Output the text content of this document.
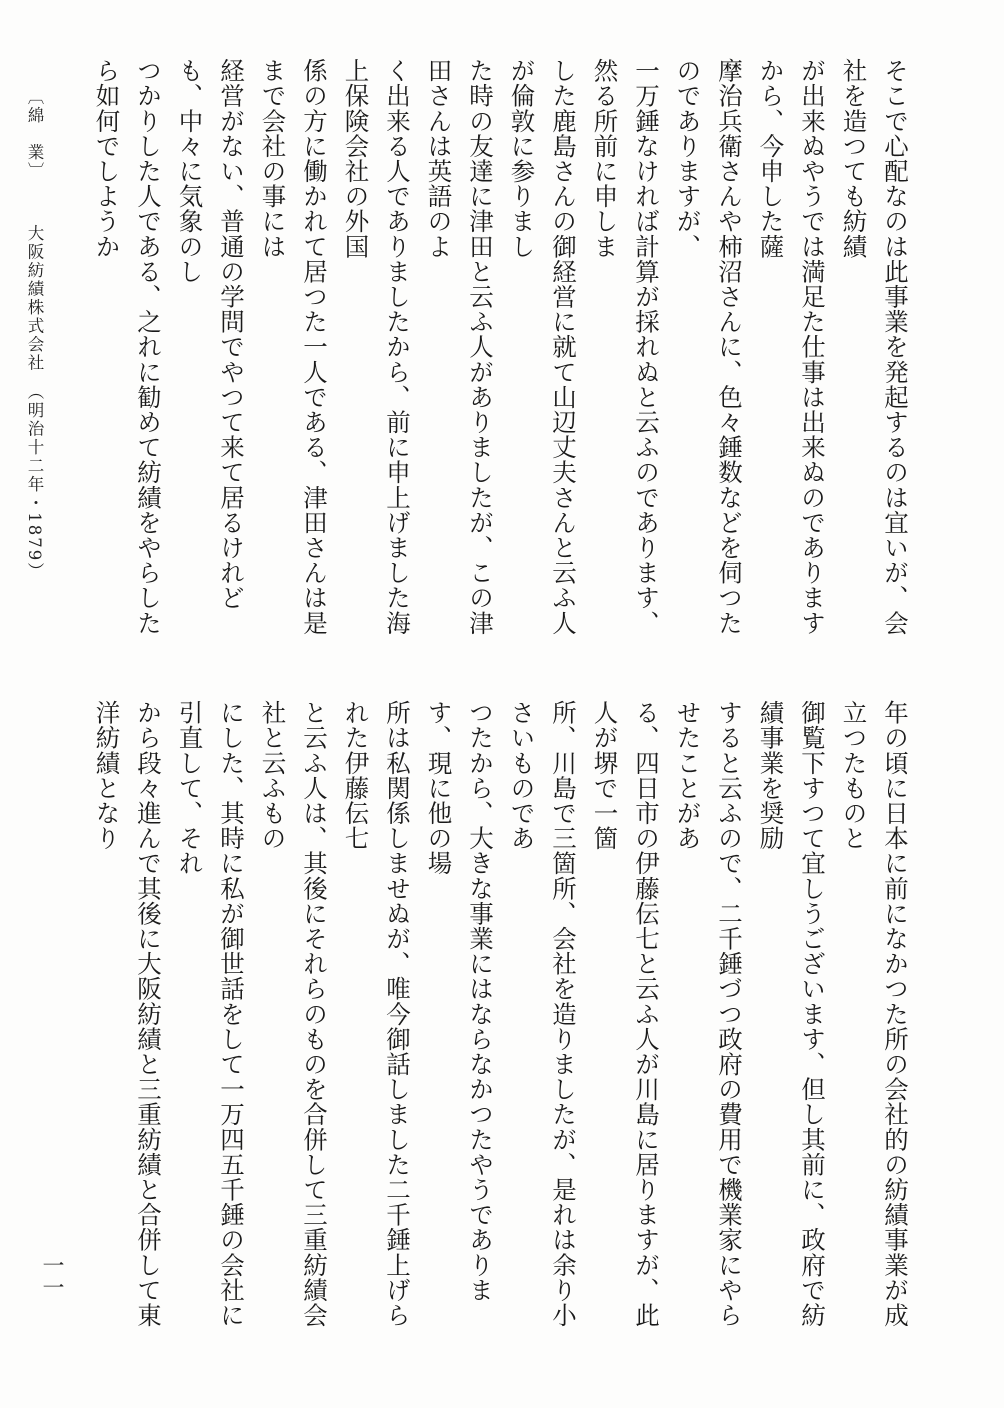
〔綿　業〕大阪紡績株式会社　（明治十二年・1879）	そこで心配なのは此事業を発起するのは宜いが、会社を造つても紡績

が出来ぬやうでは満足た仕事は出来ぬのでありますから、今申した薩

摩治兵衛さんや柿沼さんに、色々錘数などを伺つたのでありますが、

一万錘なければ計算が採れぬと云ふのであります、然る所前に申しま

した鹿島さんの御経営に就て山辺丈夫さんと云ふ人が倫敦に参りまし

た時の友達に津田と云ふ人がありましたが、この津田さんは英語のよ

く出来る人でありましたから、前に申上げました海上保険会社の外国

係の方に働かれて居つた一人である、津田さんは是まで会社の事には

経営がない、普通の学問でやつて来て居るけれども、中々に気象のし

つかりした人である、之れに勧めて紡績をやらしたら如何でしようか

年の頃に日本に前になかつた所の会社的の紡績事業が成立つたものと

御覧下すつて宜しうございます、但し其前に、政府で紡績事業を奨励

すると云ふので、二千錘づつ政府の費用で機業家にやらせたことがあ

る、四日市の伊藤伝七と云ふ人が川島に居りますが、此人が堺で一箇

所、川島で三箇所、会社を造りましたが、是れは余り小さいものであ

つたから、大きな事業にはならなかつたやうであります、現に他の場

所は私関係しませぬが、唯今御話しました二千錘上げられた伊藤伝七

と云ふ人は、其後にそれらのものを合併して三重紡績会社と云ふもの

にした、其時に私が御世話をして一万四五千錘の会社に引直して、それ

から段々進んで其後に大阪紡績と三重紡績と合併して東洋紡績となり

一一
